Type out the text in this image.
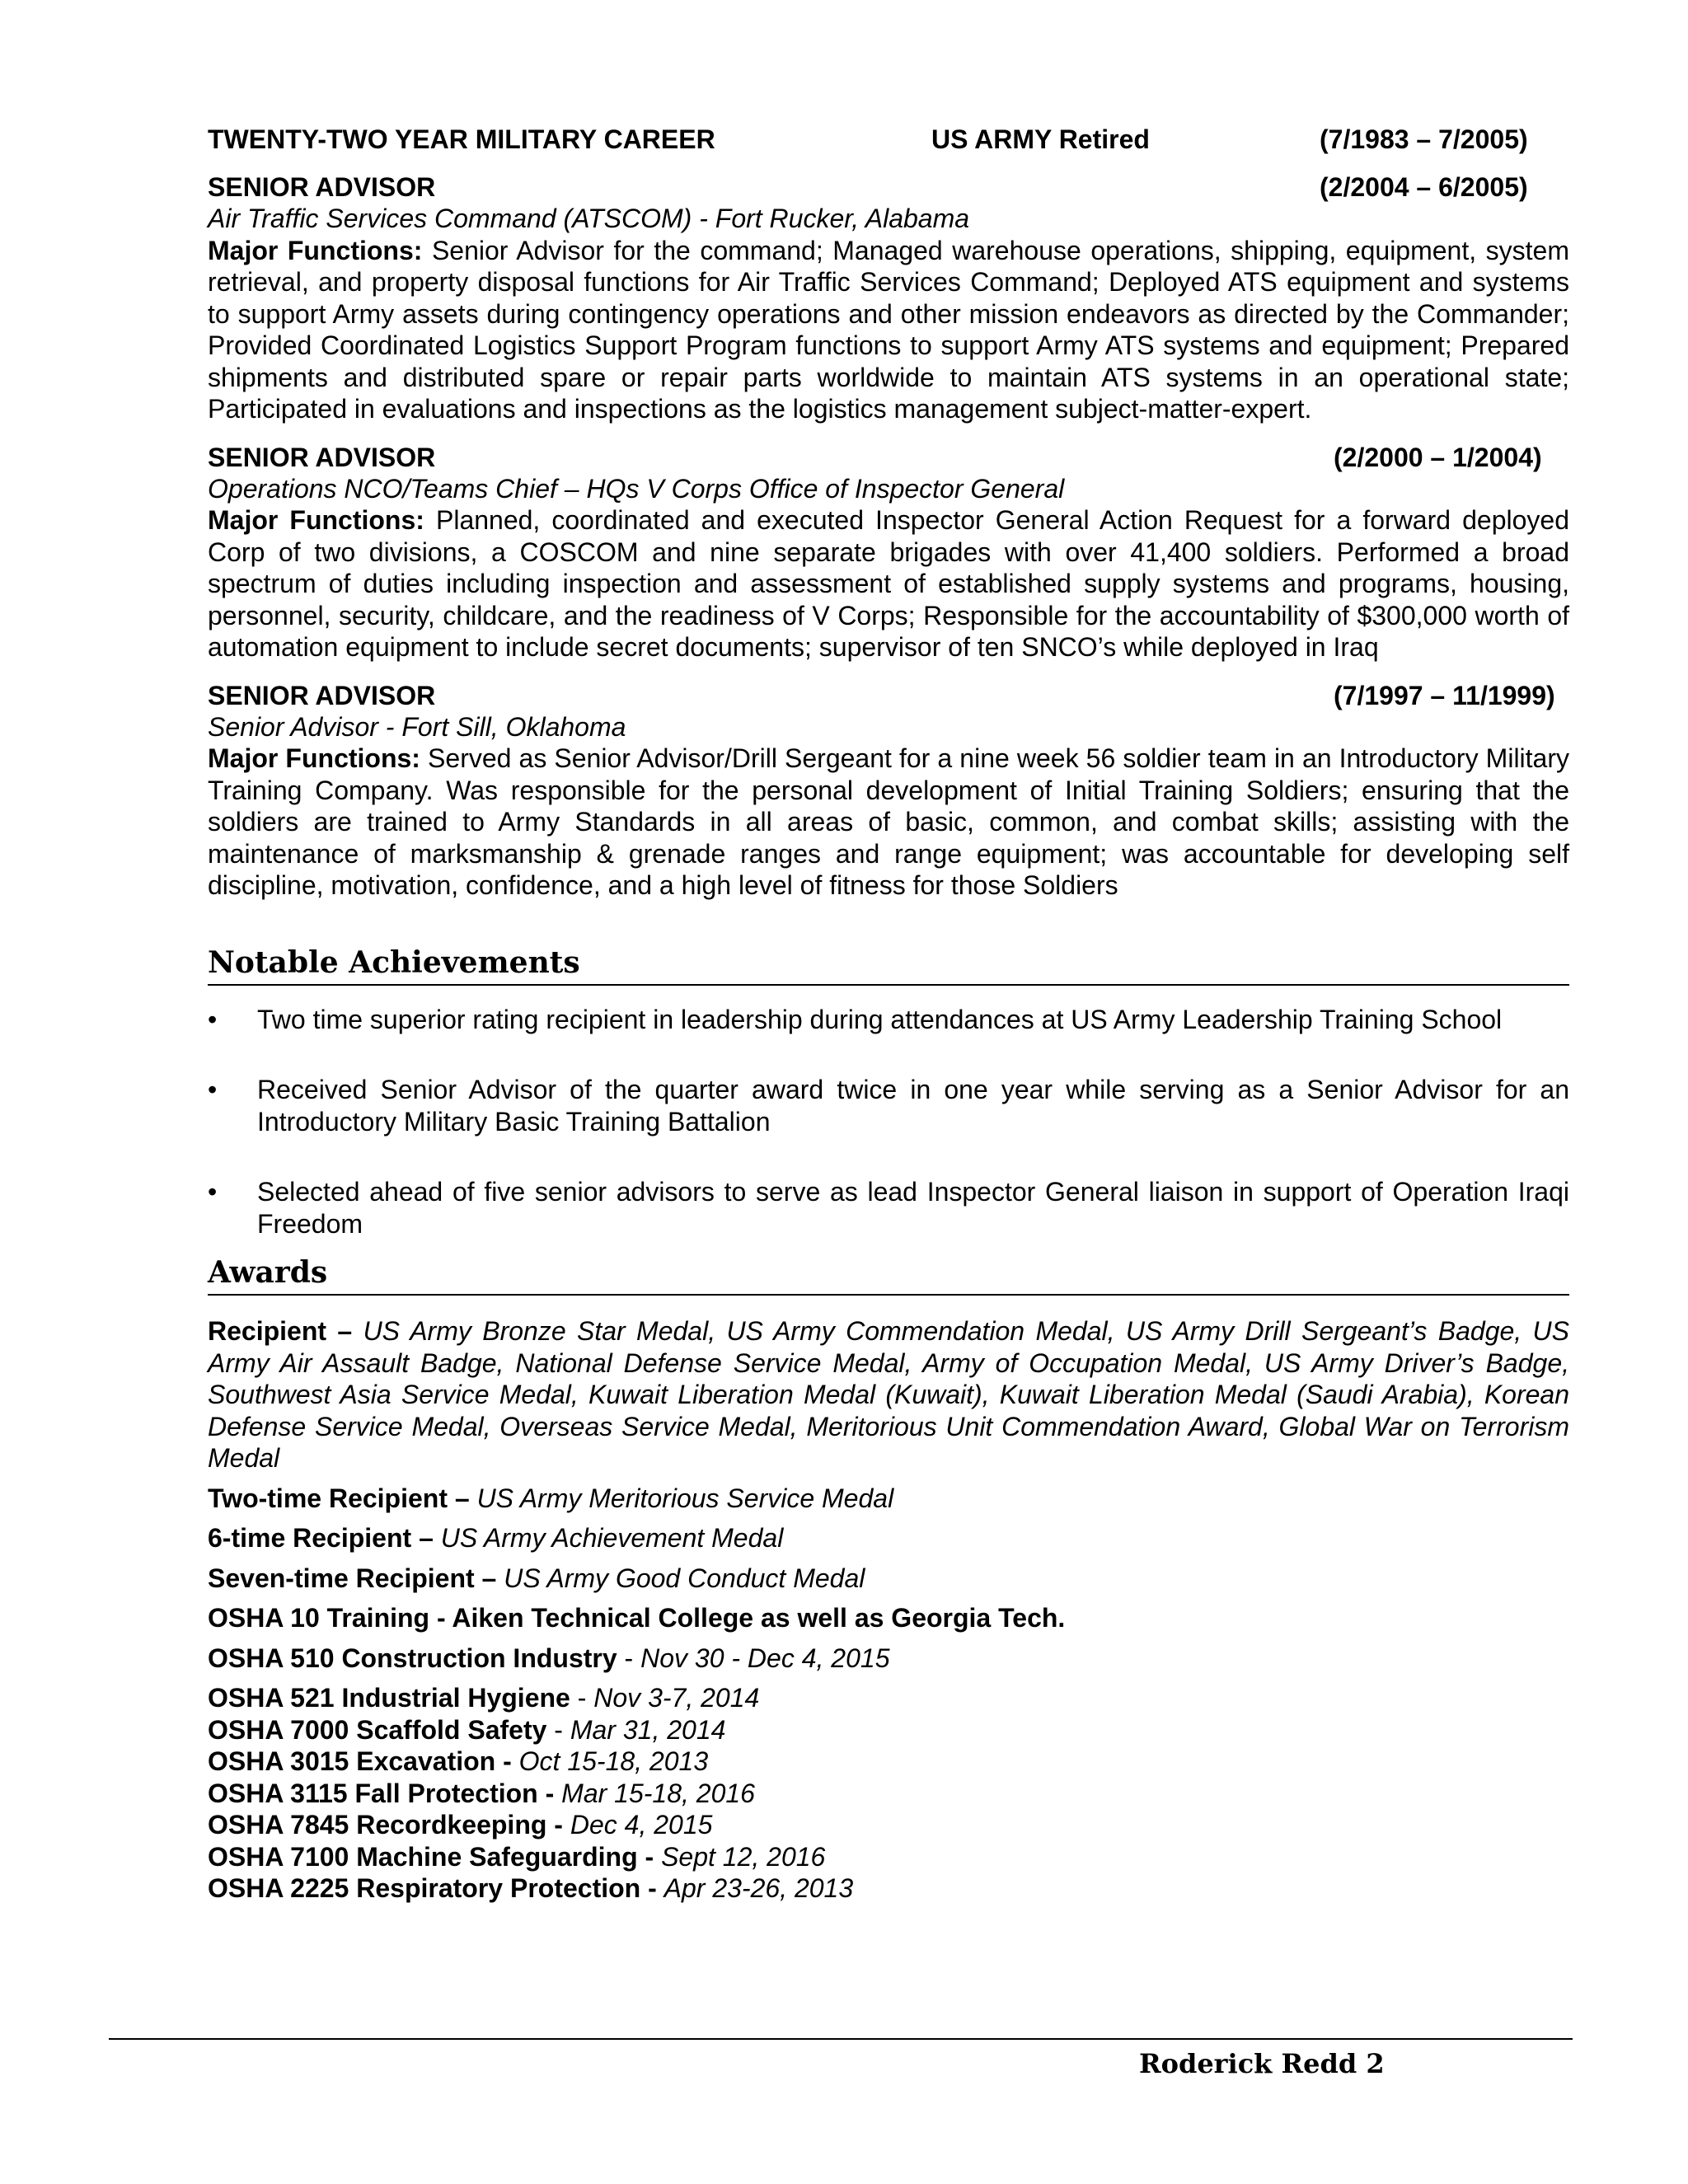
TWENTY-TWO YEAR MILITARY CAREER	US ARMY Retired	(7/1983 – 7/2005)
SENIOR ADVISOR	(2/2004 – 6/2005)
Air Traffic Services Command (ATSCOM) - Fort Rucker, Alabama
Major Functions: Senior Advisor for the command; Managed warehouse operations, shipping, equipment, system retrieval, and property disposal functions for Air Traffic Services Command; Deployed ATS equipment and systems to support Army assets during contingency operations and other mission endeavors as directed by the Commander; Provided Coordinated Logistics Support Program functions to support Army ATS systems and equipment; Prepared shipments and distributed spare or repair parts worldwide to maintain ATS systems in an operational state; Participated in evaluations and inspections as the logistics management subject-matter-expert.
SENIOR ADVISOR	(2/2000 – 1/2004)
Operations NCO/Teams Chief – HQs V Corps Office of Inspector General
Major Functions: Planned, coordinated and executed Inspector General Action Request for a forward deployed Corp of two divisions, a COSCOM and nine separate brigades with over 41,400 soldiers. Performed a broad spectrum of duties including inspection and assessment of established supply systems and programs, housing, personnel, security, childcare, and the readiness of V Corps; Responsible for the accountability of $300,000 worth of automation equipment to include secret documents; supervisor of ten SNCO’s while deployed in Iraq
SENIOR ADVISOR	(7/1997 – 11/1999)
Senior Advisor - Fort Sill, Oklahoma
Major Functions: Served as Senior Advisor/Drill Sergeant for a nine week 56 soldier team in an Introductory Military Training Company. Was responsible for the personal development of Initial Training Soldiers; ensuring that the soldiers are trained to Army Standards in all areas of basic, common, and combat skills; assisting with the maintenance of marksmanship & grenade ranges and range equipment; was accountable for developing self discipline, motivation, confidence, and a high level of fitness for those Soldiers
Notable Achievements
• Two time superior rating recipient in leadership during attendances at US Army Leadership Training School
• Received Senior Advisor of the quarter award twice in one year while serving as a Senior Advisor for an Introductory Military Basic Training Battalion
• Selected ahead of five senior advisors to serve as lead Inspector General liaison in support of Operation Iraqi Freedom
Awards
Recipient – US Army Bronze Star Medal, US Army Commendation Medal, US Army Drill Sergeant’s Badge, US Army Air Assault Badge, National Defense Service Medal, Army of Occupation Medal, US Army Driver’s Badge, Southwest Asia Service Medal, Kuwait Liberation Medal (Kuwait), Kuwait Liberation Medal (Saudi Arabia), Korean Defense Service Medal, Overseas Service Medal, Meritorious Unit Commendation Award, Global War on Terrorism Medal
Two-time Recipient – US Army Meritorious Service Medal
6-time Recipient – US Army Achievement Medal
Seven-time Recipient – US Army Good Conduct Medal
OSHA 10 Training - Aiken Technical College as well as Georgia Tech.
OSHA 510 Construction Industry - Nov 30 - Dec 4, 2015
OSHA 521 Industrial Hygiene - Nov 3-7, 2014
OSHA 7000 Scaffold Safety - Mar 31, 2014
OSHA 3015 Excavation - Oct 15-18, 2013
OSHA 3115 Fall Protection - Mar 15-18, 2016
OSHA 7845 Recordkeeping - Dec 4, 2015
OSHA 7100 Machine Safeguarding - Sept 12, 2016
OSHA 2225 Respiratory Protection - Apr 23-26, 2013
Roderick Redd 2
